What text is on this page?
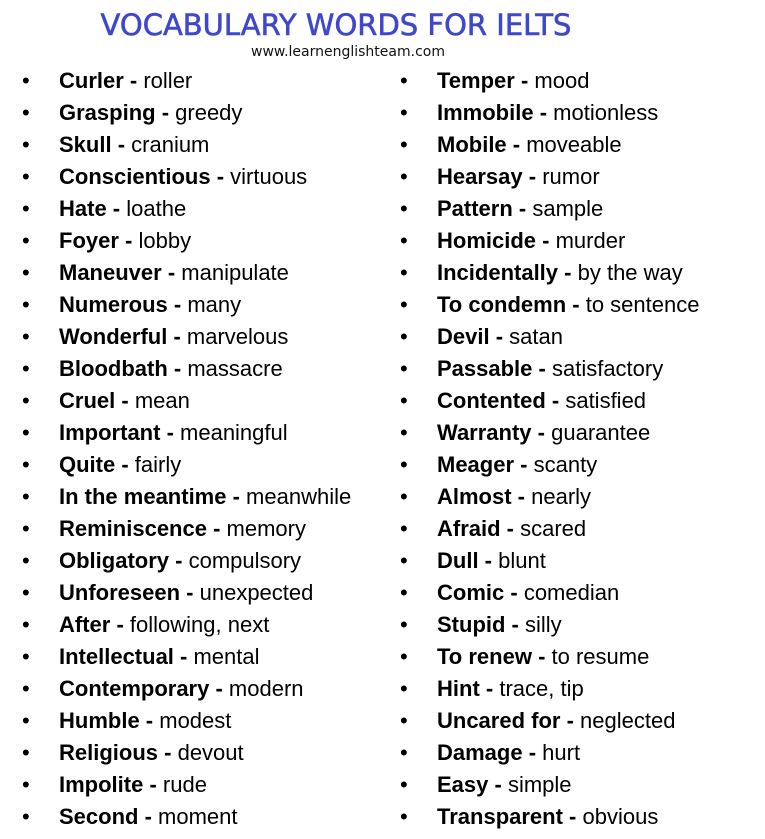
VOCABULARY WORDS FOR IELTS
www.learnenglishteam.com
• Curler - roller
• Grasping - greedy
• Skull - cranium
• Conscientious - virtuous
• Hate - loathe
• Foyer - lobby
• Maneuver - manipulate
• Numerous - many
• Wonderful - marvelous
• Bloodbath - massacre
• Cruel - mean
• Important - meaningful
• Quite - fairly
• In the meantime - meanwhile
• Reminiscence - memory
• Obligatory - compulsory
• Unforeseen - unexpected
• After - following, next
• Intellectual - mental
• Contemporary - modern
• Humble - modest
• Religious - devout
• Impolite - rude
• Second - moment
• Temper - mood
• Immobile - motionless
• Mobile - moveable
• Hearsay - rumor
• Pattern - sample
• Homicide - murder
• Incidentally - by the way
• To condemn - to sentence
• Devil - satan
• Passable - satisfactory
• Contented - satisfied
• Warranty - guarantee
• Meager - scanty
• Almost - nearly
• Afraid - scared
• Dull - blunt
• Comic - comedian
• Stupid - silly
• To renew - to resume
• Hint - trace, tip
• Uncared for - neglected
• Damage - hurt
• Easy - simple
• Transparent - obvious
